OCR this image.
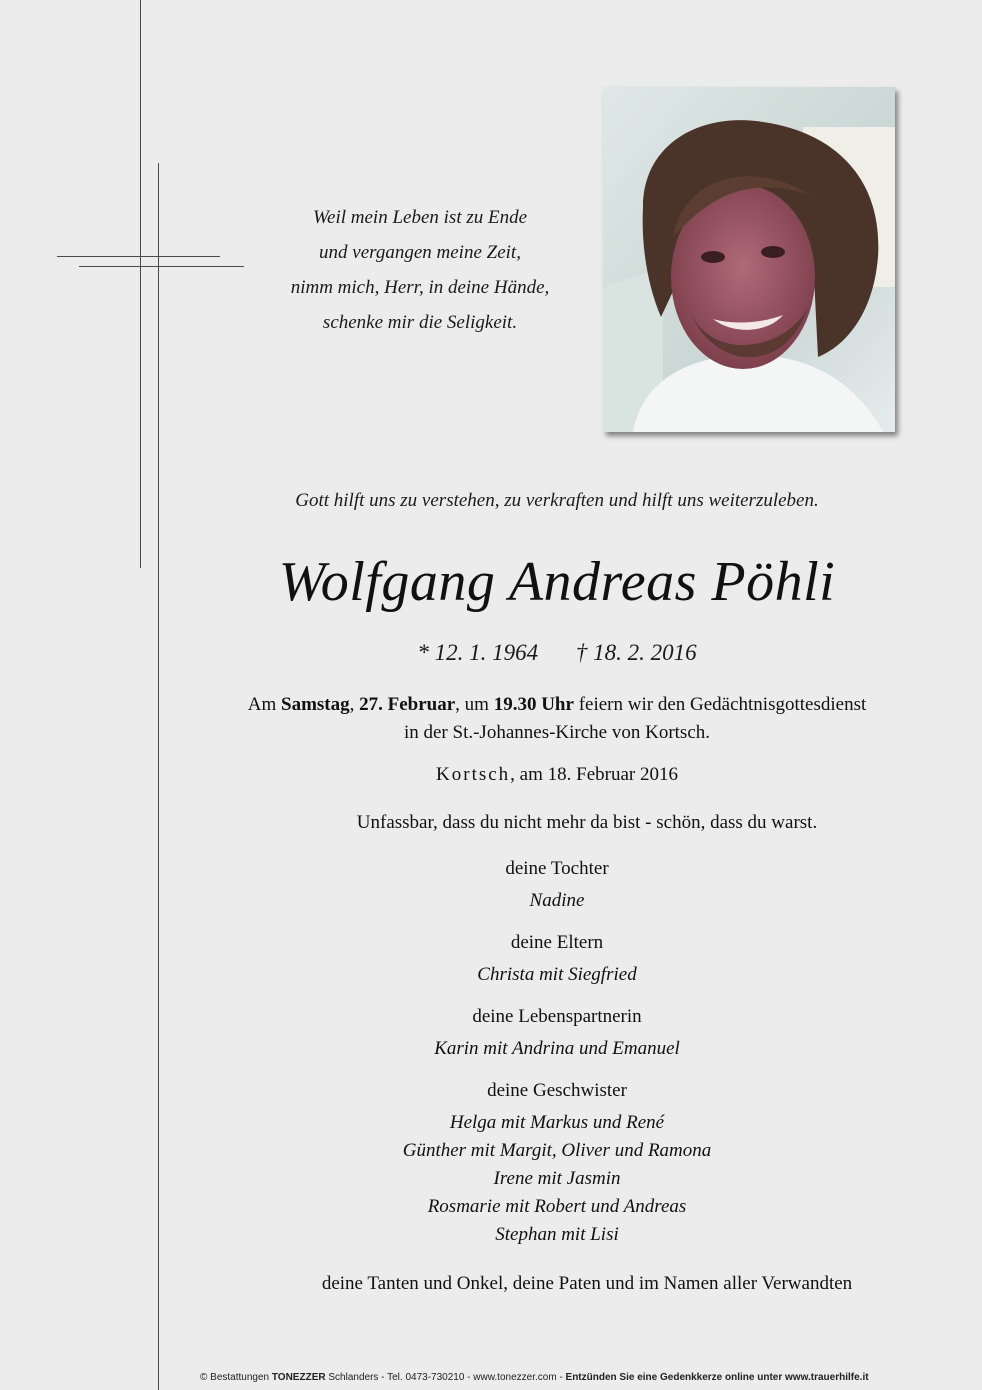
Weil mein Leben ist zu Ende
und vergangen meine Zeit,
nimm mich, Herr, in deine Hände,
schenke mir die Seligkeit.
Gott hilft uns zu verstehen, zu verkraften und hilft uns weiterzuleben.
Wolfgang Andreas Pöhli
* 12. 1. 1964 † 18. 2. 2016
Am Samstag, 27. Februar, um 19.30 Uhr feiern wir den Gedächtnisgottesdienst
in der St.-Johannes-Kirche von Kortsch.
Kortsch, am 18. Februar 2016
Unfassbar, dass du nicht mehr da bist - schön, dass du warst.
deine Tochter
Nadine
deine Eltern
Christa mit Siegfried
deine Lebenspartnerin
Karin mit Andrina und Emanuel
deine Geschwister
Helga mit Markus und René
Günther mit Margit, Oliver und Ramona
Irene mit Jasmin
Rosmarie mit Robert und Andreas
Stephan mit Lisi
deine Tanten und Onkel, deine Paten und im Namen aller Verwandten
© Bestattungen TONEZZER Schlanders - Tel. 0473-730210 - www.tonezzer.com - Entzünden Sie eine Gedenkkerze online unter www.trauerhilfe.it
